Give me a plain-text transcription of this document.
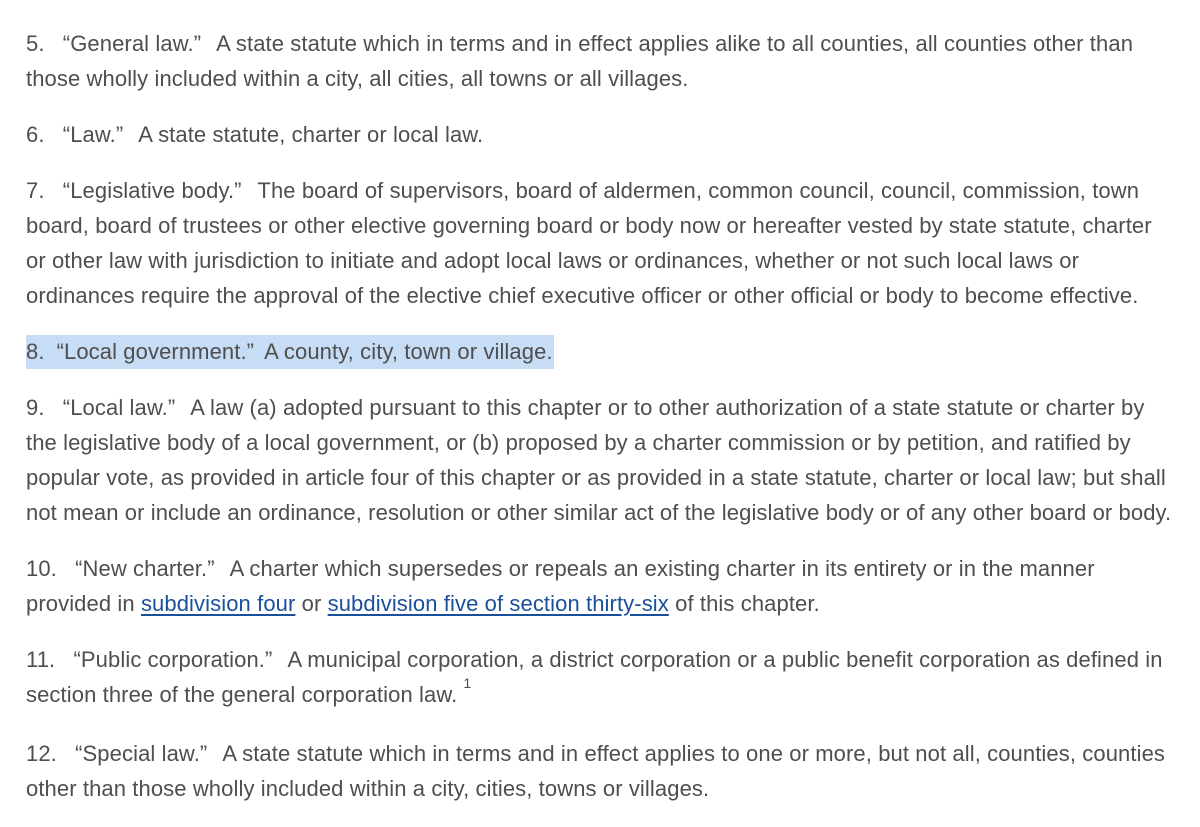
5. “General law.” A state statute which in terms and in effect applies alike to all counties, all counties other than those wholly included within a city, all cities, all towns or all villages.

6. “Law.” A state statute, charter or local law.

7. “Legislative body.” The board of supervisors, board of aldermen, common council, council, commission, town board, board of trustees or other elective governing board or body now or hereafter vested by state statute, charter or other law with jurisdiction to initiate and adopt local laws or ordinances, whether or not such local laws or ordinances require the approval of the elective chief executive officer or other official or body to become effective.

8. “Local government.” A county, city, town or village.

9. “Local law.” A law (a) adopted pursuant to this chapter or to other authorization of a state statute or charter by the legislative body of a local government, or (b) proposed by a charter commission or by petition, and ratified by popular vote, as provided in article four of this chapter or as provided in a state statute, charter or local law; but shall not mean or include an ordinance, resolution or other similar act of the legislative body or of any other board or body.

10. “New charter.” A charter which supersedes or repeals an existing charter in its entirety or in the manner provided in subdivision four or subdivision five of section thirty-six of this chapter.

11. “Public corporation.” A municipal corporation, a district corporation or a public benefit corporation as defined in section three of the general corporation law. $^1$

12. “Special law.” A state statute which in terms and in effect applies to one or more, but not all, counties, counties other than those wholly included within a city, cities, towns or villages.
